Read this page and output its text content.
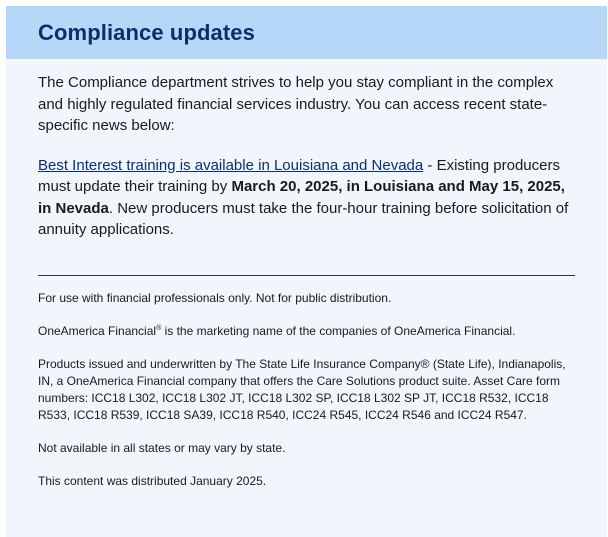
Compliance updates

The Compliance department strives to help you stay compliant in the complex and highly regulated financial services industry. You can access recent state-specific news below:

Best Interest training is available in Louisiana and Nevada - Existing producers must update their training by March 20, 2025, in Louisiana and May 15, 2025, in Nevada. New producers must take the four-hour training before solicitation of annuity applications.

For use with financial professionals only. Not for public distribution.

OneAmerica Financial® is the marketing name of the companies of OneAmerica Financial.

Products issued and underwritten by The State Life Insurance Company® (State Life), Indianapolis, IN, a OneAmerica Financial company that offers the Care Solutions product suite. Asset Care form numbers: ICC18 L302, ICC18 L302 JT, ICC18 L302 SP, ICC18 L302 SP JT, ICC18 R532, ICC18 R533, ICC18 R539, ICC18 SA39, ICC18 R540, ICC24 R545, ICC24 R546 and ICC24 R547.

Not available in all states or may vary by state.

This content was distributed January 2025.
